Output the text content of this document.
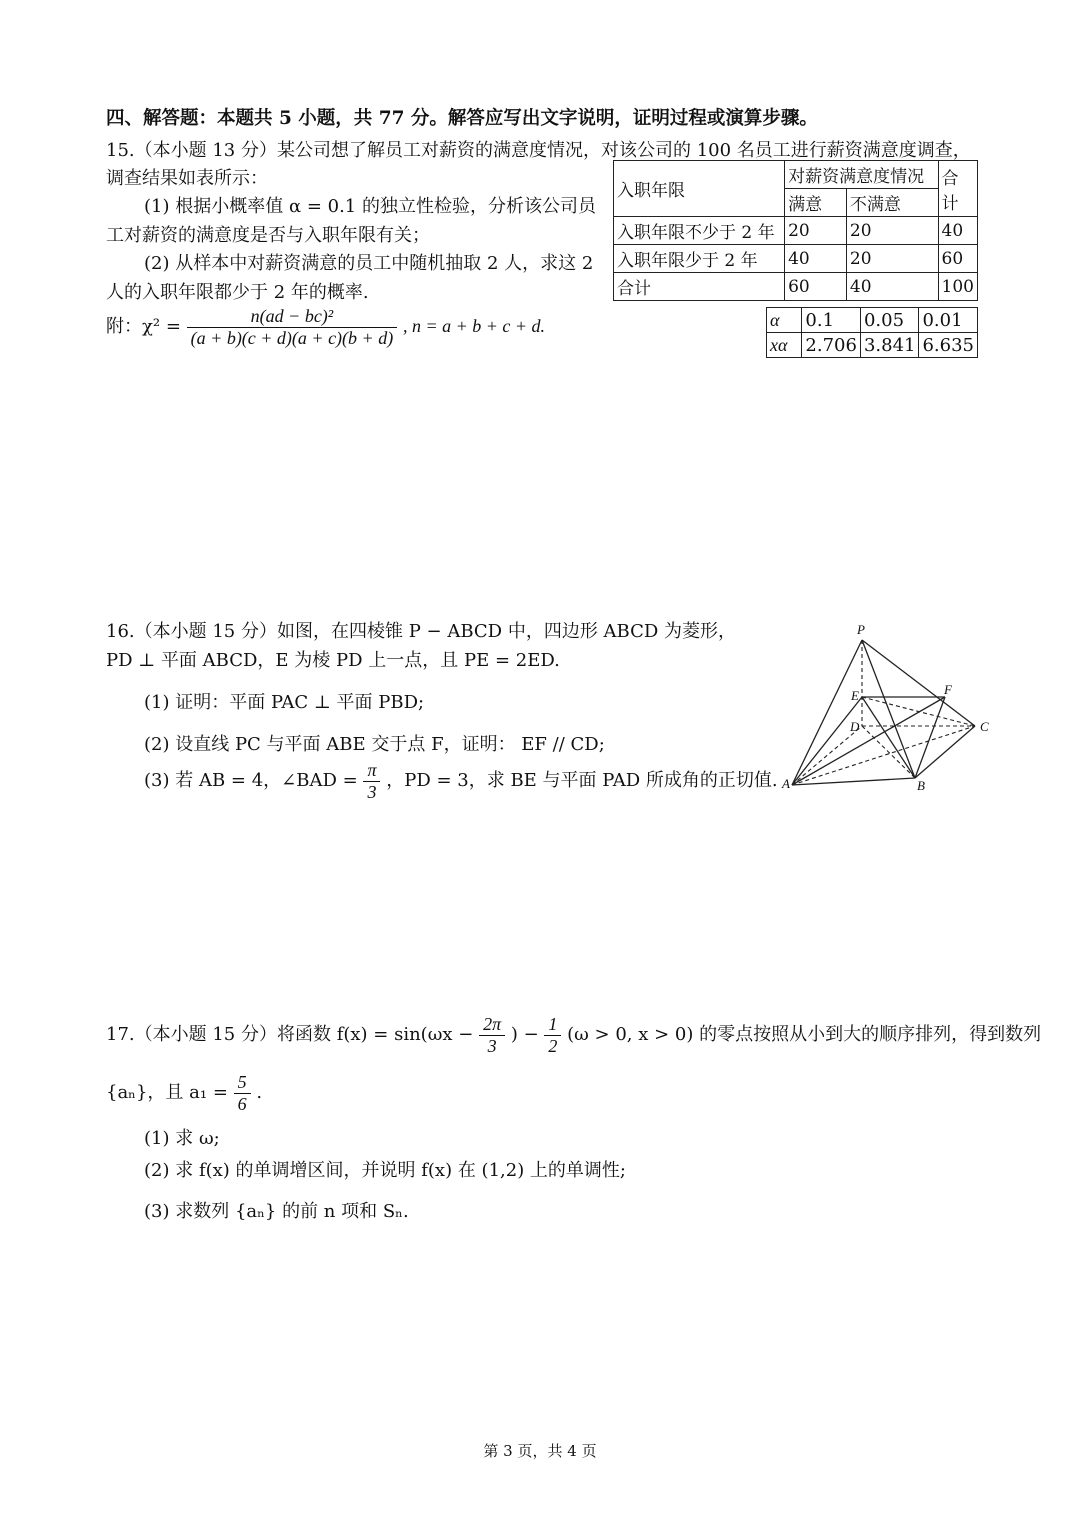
四、解答题：本题共 5 小题，共 77 分。解答应写出文字说明，证明过程或演算步骤。
15.（本小题 13 分）某公司想了解员工对薪资的满意度情况，对该公司的 100 名员工进行薪资满意度调查，
调查结果如表所示：
(1) 根据小概率值 α = 0.1 的独立性检验，分析该公司员
工对薪资的满意度是否与入职年限有关；
(2) 从样本中对薪资满意的员工中随机抽取 2 人，求这 2
人的入职年限都少于 2 年的概率.
附：$\chi^2 = \frac{\text{n(ad − bc)²}}{(a + b)(c + d)(a + c)(b + d)}$ , n = a + b + c + d.
入职年限	对薪资满意度情况		合计
	满意	不满意	
入职年限不少于 2 年	20	20	40
入职年限少于 2 年	40	20	60
合计	60	40	100
α	0.1	0.05	0.01
xα	2.706	3.841	6.635
16.（本小题 15 分）如图，在四棱锥 P − ABCD 中，四边形 ABCD 为菱形，
PD ⊥ 平面 ABCD，E 为棱 PD 上一点，且 PE = 2ED.
(1) 证明：平面 PAC ⊥ 平面 PBD;
(2) 设直线 PC 与平面 ABE 交于点 F，证明： EF // CD;
(3) 若 AB = 4，∠BAD = $\frac{\pi}{3}$ ，PD = 3，求 BE 与平面 PAD 所成角的正切值.
P
E	F
D	C
A	B
17.（本小题 15 分）将函数 $f(x) = \sin(\omega x - \frac{2\pi}{3}$ ) − $\frac{1}{2} (\omega > 0$, x > 0) 的零点按照从小到大的顺序排列，得到数列
{aₙ}，且 $a_1 = \frac{5}{6}$ .
(1) 求 ω;
(2) 求 f(x) 的单调增区间，并说明 f(x) 在 (1,2) 上的单调性;
(3) 求数列 {aₙ} 的前 n 项和 Sₙ.
第 3 页，共 4 页
